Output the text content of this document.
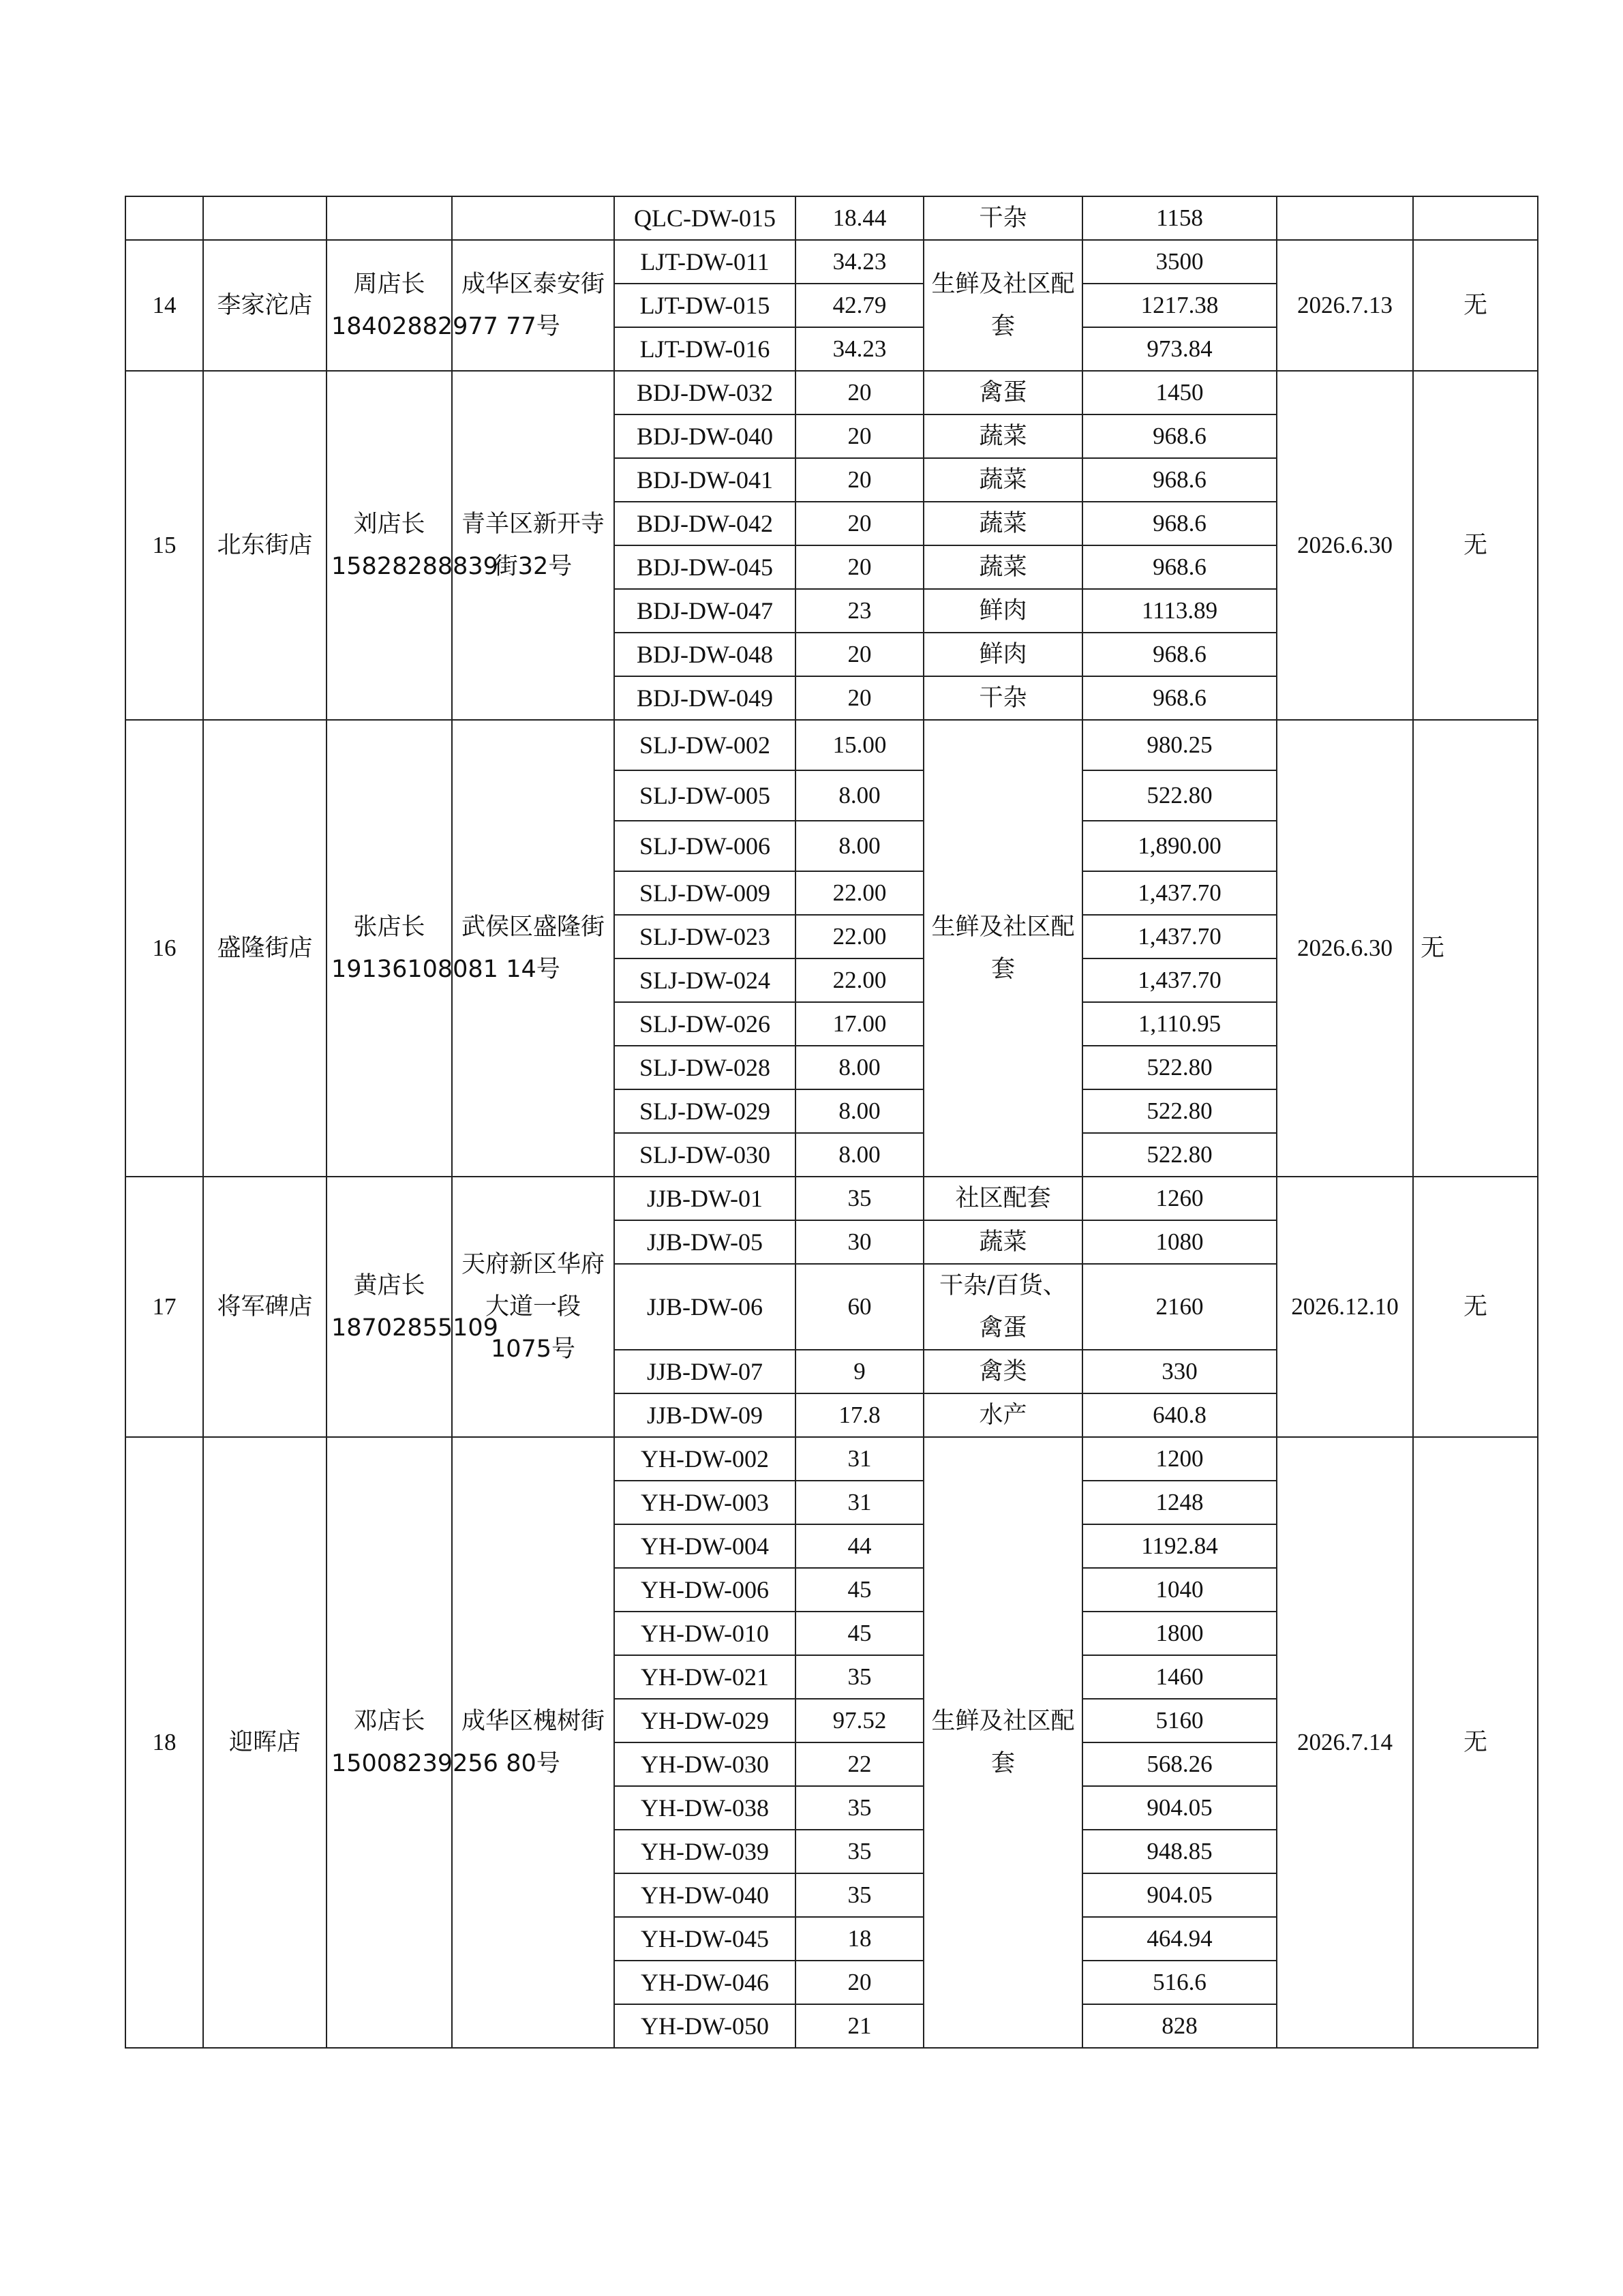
				QLC-DW-015	18.44	干杂	1158		
14	李家沱店	周店长18402882977	成华区泰安街77号	LJT-DW-011	34.23	生鲜及社区配套	3500	2026.7.13	无
				LJT-DW-015	42.79		1217.38		
				LJT-DW-016	34.23		973.84		
15	北东街店	刘店长15828288839	青羊区新开寺街32号	BDJ-DW-032	20	禽蛋	1450	2026.6.30	无
				BDJ-DW-040	20	蔬菜	968.6		
				BDJ-DW-041	20	蔬菜	968.6		
				BDJ-DW-042	20	蔬菜	968.6		
				BDJ-DW-045	20	蔬菜	968.6		
				BDJ-DW-047	23	鲜肉	1113.89		
				BDJ-DW-048	20	鲜肉	968.6		
				BDJ-DW-049	20	干杂	968.6		
16	盛隆街店	张店长19136108081	武侯区盛隆街14号	SLJ-DW-002	15.00	生鲜及社区配套	980.25	2026.6.30	无
				SLJ-DW-005	8.00		522.80		
				SLJ-DW-006	8.00		1,890.00		
				SLJ-DW-009	22.00		1,437.70		
				SLJ-DW-023	22.00		1,437.70		
				SLJ-DW-024	22.00		1,437.70		
				SLJ-DW-026	17.00		1,110.95		
				SLJ-DW-028	8.00		522.80		
				SLJ-DW-029	8.00		522.80		
				SLJ-DW-030	8.00		522.80		
17	将军碑店	黄店长18702855109	天府新区华府大道一段1075号	JJB-DW-01	35	社区配套	1260	2026.12.10	无
				JJB-DW-05	30	蔬菜	1080		
				JJB-DW-06	60	干杂/百货、禽蛋	2160		
				JJB-DW-07	9	禽类	330		
				JJB-DW-09	17.8	水产	640.8		
18	迎晖店	邓店长15008239256	成华区槐树街80号	YH-DW-002	31	生鲜及社区配套	1200	2026.7.14	无
				YH-DW-003	31		1248		
				YH-DW-004	44		1192.84		
				YH-DW-006	45		1040		
				YH-DW-010	45		1800		
				YH-DW-021	35		1460		
				YH-DW-029	97.52		5160		
				YH-DW-030	22		568.26		
				YH-DW-038	35		904.05		
				YH-DW-039	35		948.85		
				YH-DW-040	35		904.05		
				YH-DW-045	18		464.94		
				YH-DW-046	20		516.6		
				YH-DW-050	21		828		
